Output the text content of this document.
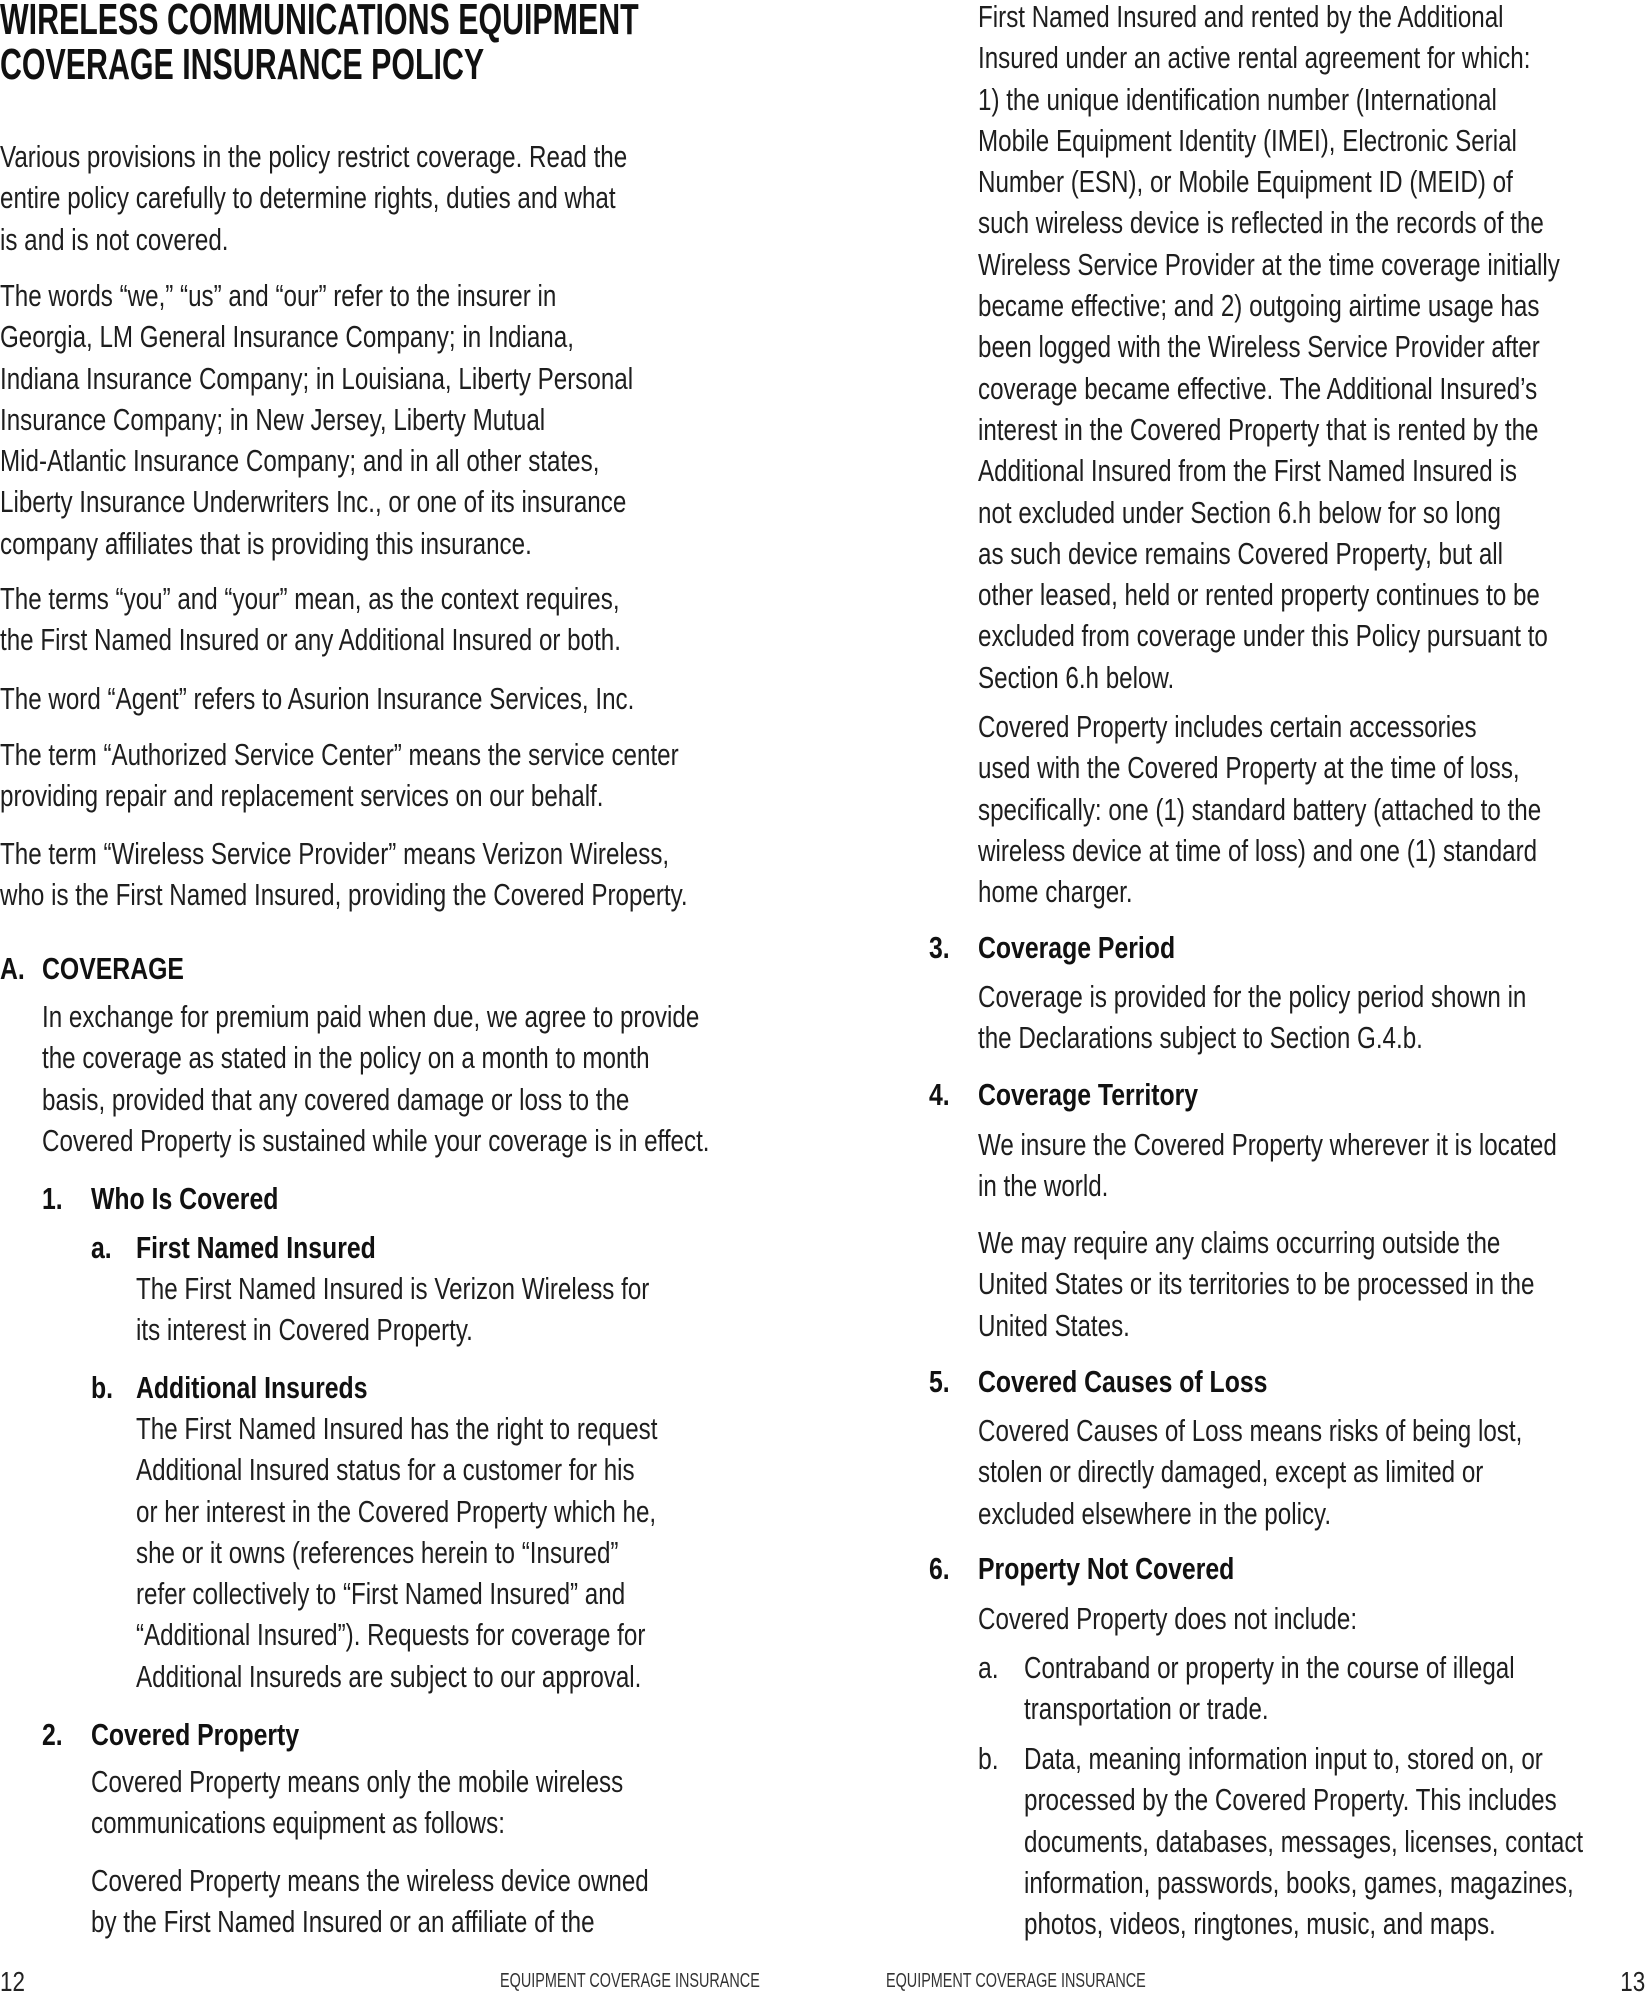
WIRELESS COMMUNICATIONS EQUIPMENT
COVERAGE INSURANCE POLICY
Various provisions in the policy restrict coverage. Read the
entire policy carefully to determine rights, duties and what
is and is not covered.
The words “we,” “us” and “our” refer to the insurer in
Georgia, LM General Insurance Company; in Indiana,
Indiana Insurance Company; in Louisiana, Liberty Personal
Insurance Company; in New Jersey, Liberty Mutual
Mid-Atlantic Insurance Company; and in all other states,
Liberty Insurance Underwriters Inc., or one of its insurance
company affiliates that is providing this insurance.
The terms “you” and “your” mean, as the context requires,
the First Named Insured or any Additional Insured or both.
The word “Agent” refers to Asurion Insurance Services, Inc.
The term “Authorized Service Center” means the service center
providing repair and replacement services on our behalf.
The term “Wireless Service Provider” means Verizon Wireless,
who is the First Named Insured, providing the Covered Property.
A. COVERAGE
In exchange for premium paid when due, we agree to provide
the coverage as stated in the policy on a month to month
basis, provided that any covered damage or loss to the
Covered Property is sustained while your coverage is in effect.
1. Who Is Covered
a. First Named Insured
The First Named Insured is Verizon Wireless for
its interest in Covered Property.
b. Additional Insureds
The First Named Insured has the right to request
Additional Insured status for a customer for his
or her interest in the Covered Property which he,
she or it owns (references herein to “Insured”
refer collectively to “First Named Insured” and
“Additional Insured”). Requests for coverage for
Additional Insureds are subject to our approval.
2. Covered Property
Covered Property means only the mobile wireless
communications equipment as follows:
Covered Property means the wireless device owned
by the First Named Insured or an affiliate of the
12	EQUIPMENT COVERAGE INSURANCE
First Named Insured and rented by the Additional
Insured under an active rental agreement for which:
1) the unique identification number (International
Mobile Equipment Identity (IMEI), Electronic Serial
Number (ESN), or Mobile Equipment ID (MEID) of
such wireless device is reflected in the records of the
Wireless Service Provider at the time coverage initially
became effective; and 2) outgoing airtime usage has
been logged with the Wireless Service Provider after
coverage became effective. The Additional Insured’s
interest in the Covered Property that is rented by the
Additional Insured from the First Named Insured is
not excluded under Section 6.h below for so long
as such device remains Covered Property, but all
other leased, held or rented property continues to be
excluded from coverage under this Policy pursuant to
Section 6.h below.
Covered Property includes certain accessories
used with the Covered Property at the time of loss,
specifically: one (1) standard battery (attached to the
wireless device at time of loss) and one (1) standard
home charger.
3. Coverage Period
Coverage is provided for the policy period shown in
the Declarations subject to Section G.4.b.
4. Coverage Territory
We insure the Covered Property wherever it is located
in the world.
We may require any claims occurring outside the
United States or its territories to be processed in the
United States.
5. Covered Causes of Loss
Covered Causes of Loss means risks of being lost,
stolen or directly damaged, except as limited or
excluded elsewhere in the policy.
6. Property Not Covered
Covered Property does not include:
a. Contraband or property in the course of illegal
transportation or trade.
b. Data, meaning information input to, stored on, or
processed by the Covered Property. This includes
documents, databases, messages, licenses, contact
information, passwords, books, games, magazines,
photos, videos, ringtones, music, and maps.
EQUIPMENT COVERAGE INSURANCE	13
